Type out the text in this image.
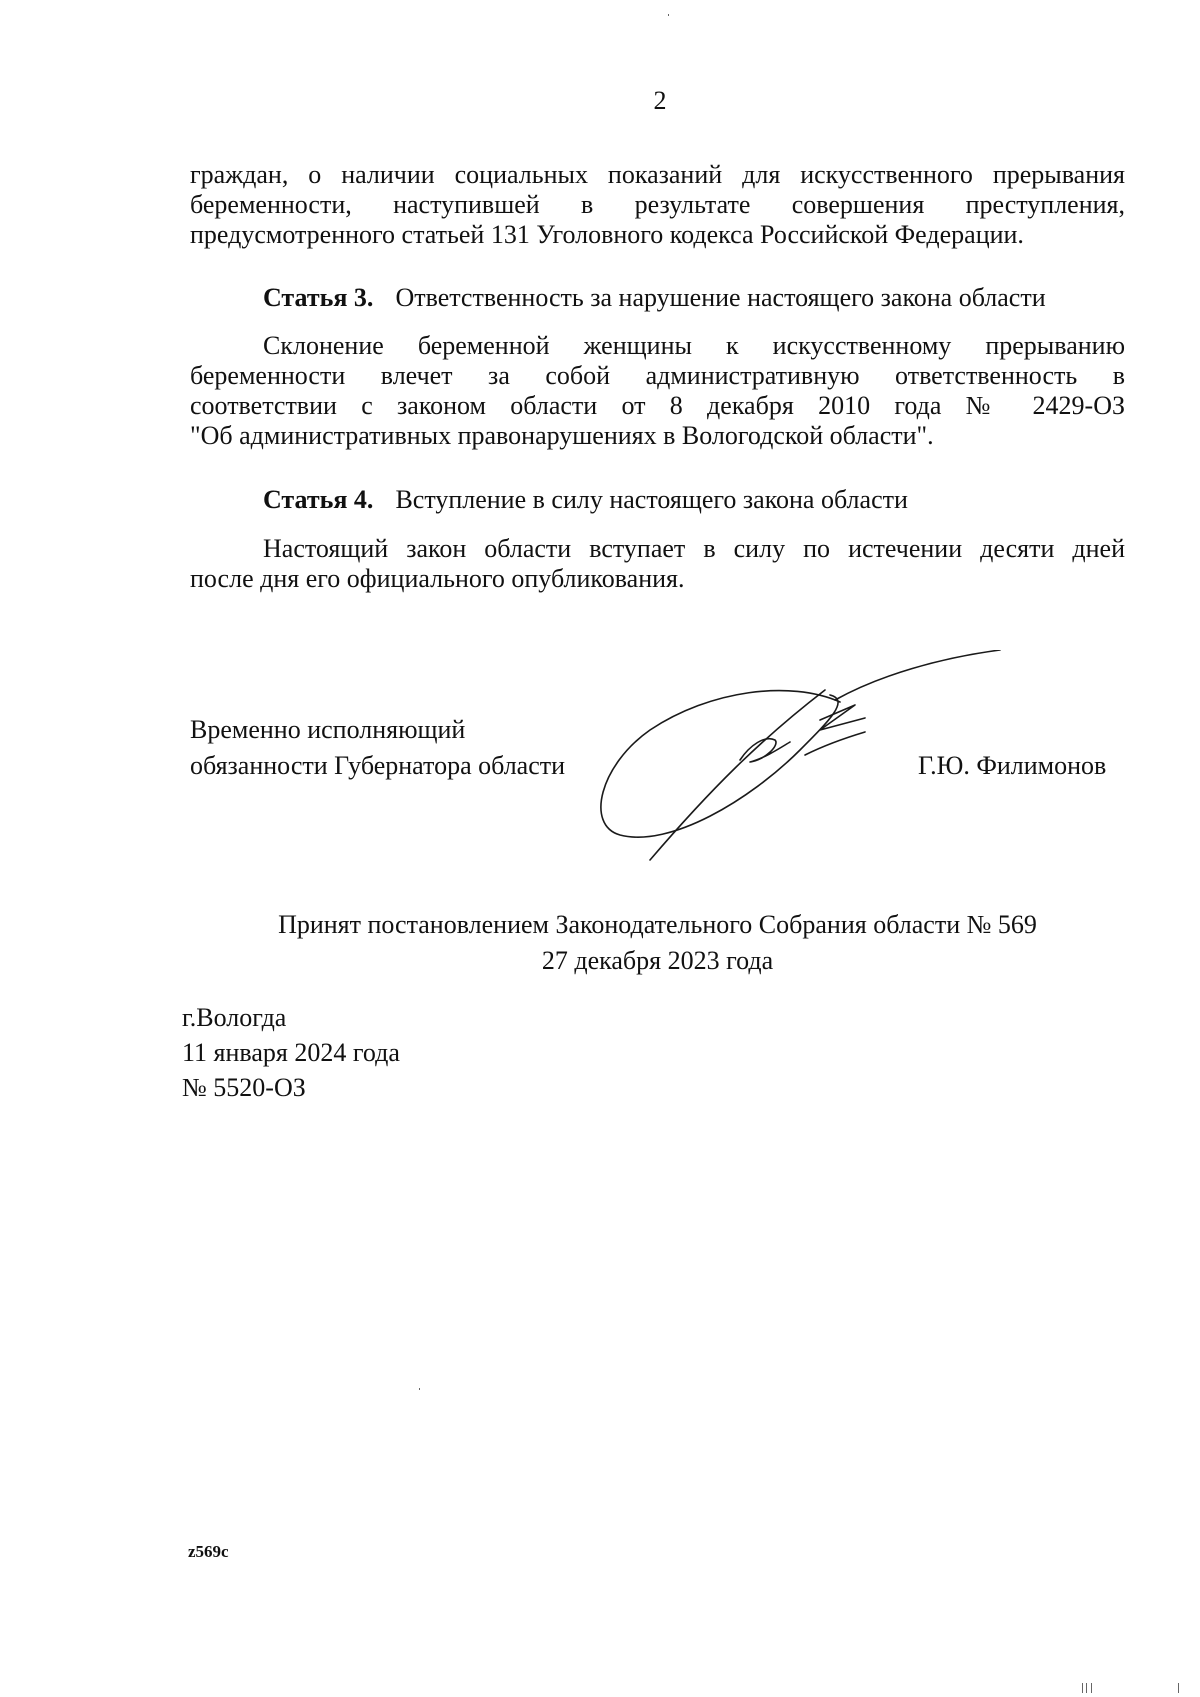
2
граждан, о наличии социальных показаний для искусственного прерывания
беременности, наступившей в результате совершения преступления,
предусмотренного статьей 131 Уголовного кодекса Российской Федерации.
Статья 3. Ответственность за нарушение настоящего закона области
Склонение беременной женщины к искусственному прерыванию
беременности влечет за собой административную ответственность в
соответствии с законом области от 8 декабря 2010 года № 2429-ОЗ
"Об административных правонарушениях в Вологодской области".
Статья 4. Вступление в силу настоящего закона области
Настоящий закон области вступает в силу по истечении десяти дней
после дня его официального опубликования.
Временно исполняющий
обязанности Губернатора области	Г.Ю. Филимонов
Принят постановлением Законодательного Собрания области № 569
27 декабря 2023 года
г.Вологда
11 января 2024 года
№ 5520-ОЗ
z569с
